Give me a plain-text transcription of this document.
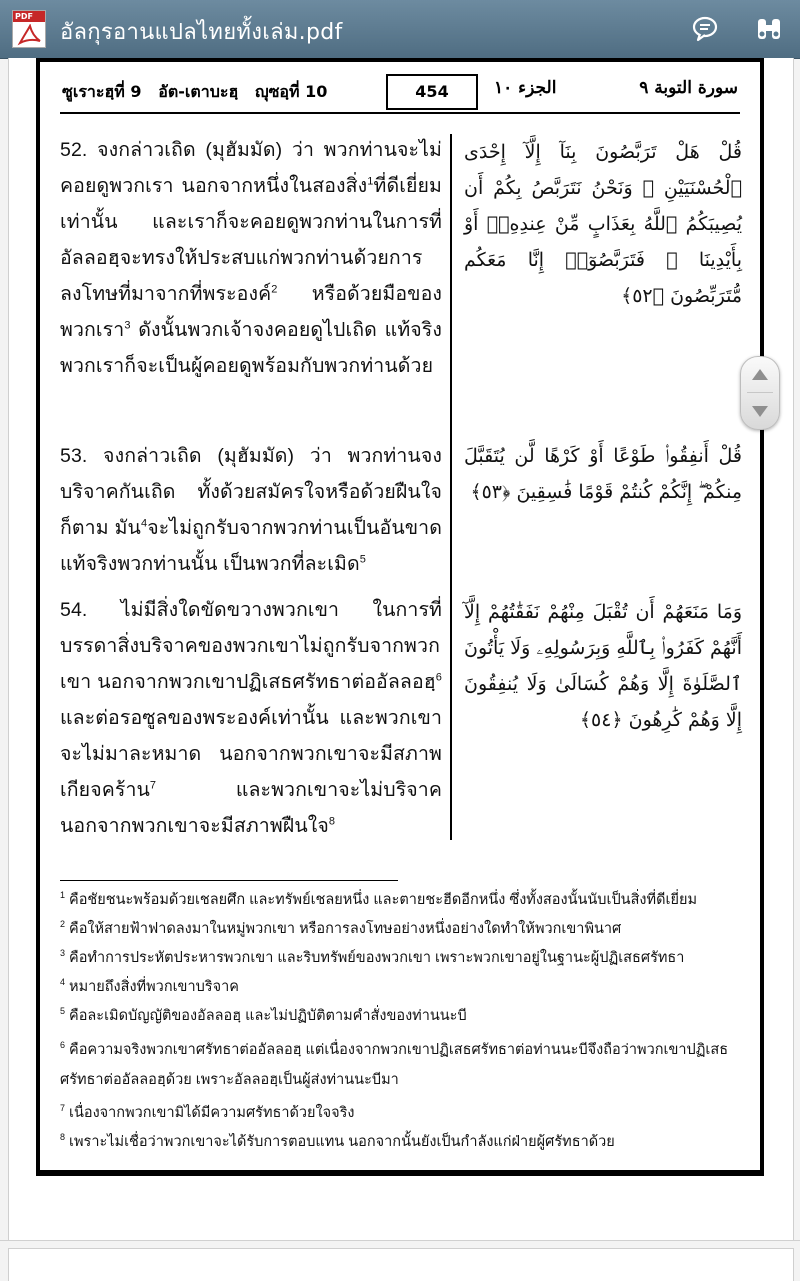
PDF
อัลกุรอานแปลไทยทั้งเล่ม.pdf
ซูเราะฮฺที่ 9   อัต-เตาบะฮฺ   ญุซอฺที่ 10	454	الجزء ١٠	سورة التوبة ٩
52. จงกล่าวเถิด (มุฮัมมัด) ว่า พวกท่านจะไม่คอยดูพวกเรา นอกจากหนึ่งในสองสิ่ง$^1$ที่ดีเยี่ยมเท่านั้น และเราก็จะคอยดูพวกท่านในการที่อัลลอฮฺจะทรงให้ประสบแก่พวกท่านด้วยการลงโทษที่มาจากที่พระองค์$^2$ หรือด้วยมือของพวกเรา$^3$ ดังนั้นพวกเจ้าจงคอยดูไปเถิด แท้จริงพวกเราก็จะเป็นผู้คอยดูพร้อมกับพวกท่านด้วย
قُلْ هَلْ تَرَبَّصُونَ بِنَآ إِلَّآ إِحْدَى ٱلْحُسْنَيَيْنِ ۖ وَنَحْنُ نَتَرَبَّصُ بِكُمْ أَن يُصِيبَكُمُ ٱللَّهُ بِعَذَابٍ مِّنْ عِندِهِۦٓ أَوْ بِأَيْدِينَا ۖ فَتَرَبَّصُوٓا۟ إِنَّا مَعَكُم مُّتَرَبِّصُونَ ﴿٥٢﴾
53. จงกล่าวเถิด (มุฮัมมัด) ว่า พวกท่านจงบริจาคกันเถิด ทั้งด้วยสมัครใจหรือด้วยฝืนใจก็ตาม มัน$^4$จะไม่ถูกรับจากพวกท่านเป็นอันขาด แท้จริงพวกท่านนั้น เป็นพวกที่ละเมิด$^5$
قُلْ أَنفِقُوا۟ طَوْعًا أَوْ كَرْهًا لَّن يُتَقَبَّلَ مِنكُمْ ۖ إِنَّكُمْ كُنتُمْ قَوْمًا فَٰسِقِينَ ﴿٥٣﴾
54. ไม่มีสิ่งใดขัดขวางพวกเขา ในการที่บรรดาสิ่งบริจาคของพวกเขาไม่ถูกรับจากพวกเขา นอกจากพวกเขาปฏิเสธศรัทธาต่ออัลลอฮฺ$^6$ และต่อรอซูลของพระองค์เท่านั้น และพวกเขาจะไม่มาละหมาด นอกจากพวกเขาจะมีสภาพเกียจคร้าน$^7$ และพวกเขาจะไม่บริจาค นอกจากพวกเขาจะมีสภาพฝืนใจ$^8$
وَمَا مَنَعَهُمْ أَن تُقْبَلَ مِنْهُمْ نَفَقَٰتُهُمْ إِلَّآ أَنَّهُمْ كَفَرُوا۟ بِٱللَّهِ وَبِرَسُولِهِۦ وَلَا يَأْتُونَ ٱلصَّلَوٰةَ إِلَّا وَهُمْ كُسَالَىٰ وَلَا يُنفِقُونَ إِلَّا وَهُمْ كَٰرِهُونَ ﴿٥٤﴾
$^1$ คือชัยชนะพร้อมด้วยเชลยศึก และทรัพย์เชลยหนึ่ง และตายชะฮีดอีกหนึ่ง ซึ่งทั้งสองนั้นนับเป็นสิ่งที่ดีเยี่ยม
$^2$ คือให้สายฟ้าฟาดลงมาในหมู่พวกเขา หรือการลงโทษอย่างหนึ่งอย่างใดทำให้พวกเขาพินาศ
$^3$ คือทำการประหัตประหารพวกเขา และริบทรัพย์ของพวกเขา เพราะพวกเขาอยู่ในฐานะผู้ปฏิเสธศรัทธา
$^4$ หมายถึงสิ่งที่พวกเขาบริจาค
$^5$ คือละเมิดบัญญัติของอัลลอฮฺ และไม่ปฏิบัติตามคำสั่งของท่านนะบี
$^6$ คือความจริงพวกเขาศรัทธาต่ออัลลอฮฺ แต่เนื่องจากพวกเขาปฏิเสธศรัทธาต่อท่านนะบีจึงถือว่าพวกเขาปฏิเสธศรัทธาต่ออัลลอฮฺด้วย เพราะอัลลอฮฺเป็นผู้ส่งท่านนะบีมา
$^7$ เนื่องจากพวกเขามิได้มีความศรัทธาด้วยใจจริง
$^8$ เพราะไม่เชื่อว่าพวกเขาจะได้รับการตอบแทน นอกจากนั้นยังเป็นกำลังแก่ฝ่ายผู้ศรัทธาด้วย
